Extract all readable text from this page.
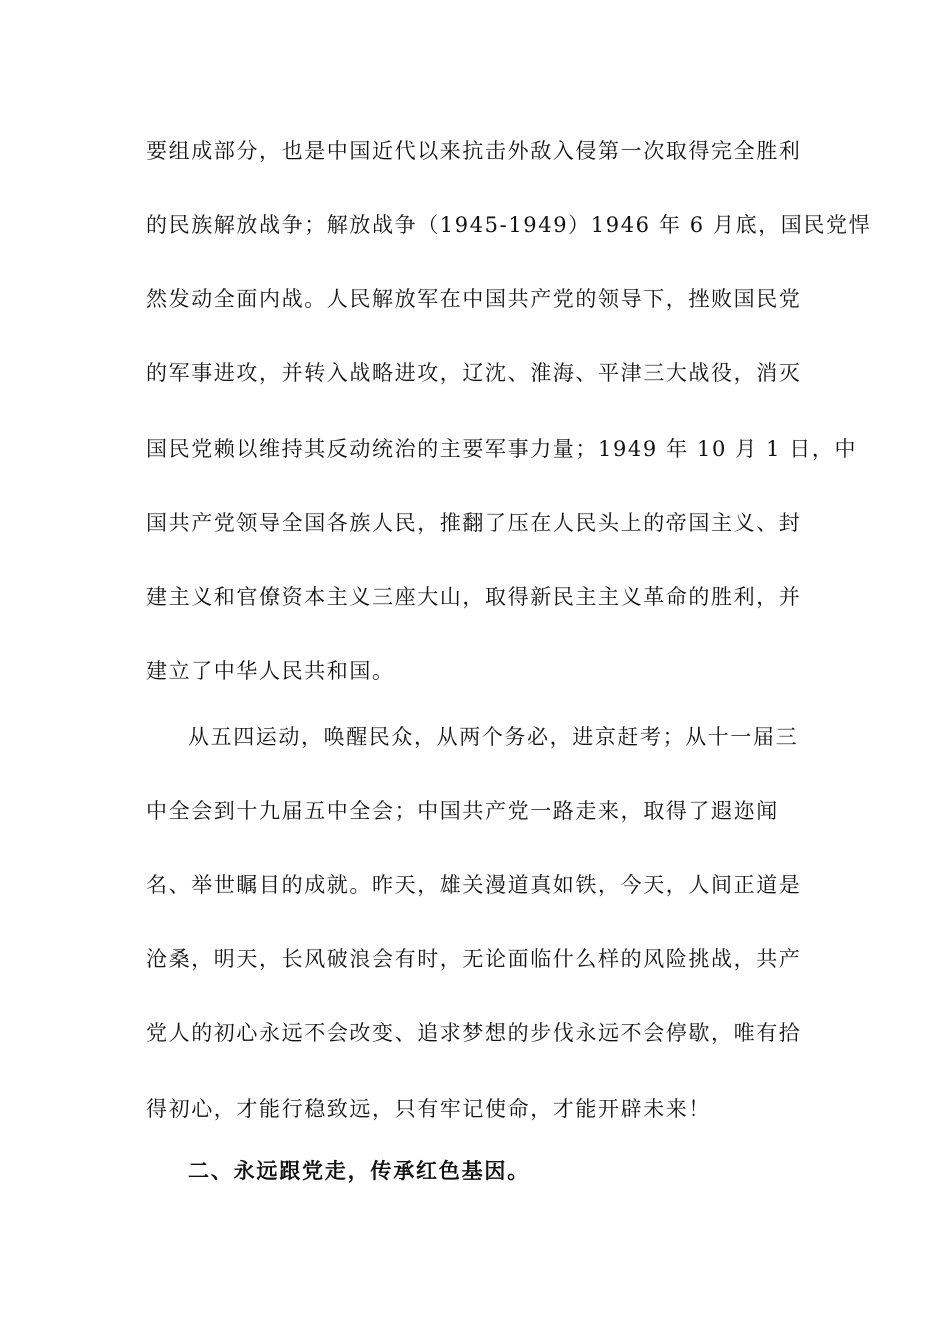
要组成部分，也是中国近代以来抗击外敌入侵第一次取得完全胜利
的民族解放战争；解放战争（1945-1949）1946 年 6 月底，国民党悍
然发动全面内战。人民解放军在中国共产党的领导下，挫败国民党
的军事进攻，并转入战略进攻，辽沈、淮海、平津三大战役，消灭
国民党赖以维持其反动统治的主要军事力量；1949 年 10 月 1 日，中
国共产党领导全国各族人民，推翻了压在人民头上的帝国主义、封
建主义和官僚资本主义三座大山，取得新民主主义革命的胜利，并
建立了中华人民共和国。
从五四运动，唤醒民众，从两个务必，进京赶考；从十一届三
中全会到十九届五中全会；中国共产党一路走来，取得了遐迩闻
名、举世瞩目的成就。昨天，雄关漫道真如铁，今天，人间正道是
沧桑，明天，长风破浪会有时，无论面临什么样的风险挑战，共产
党人的初心永远不会改变、追求梦想的步伐永远不会停歇，唯有拾
得初心，才能行稳致远，只有牢记使命，才能开辟未来！
二、永远跟党走，传承红色基因。
